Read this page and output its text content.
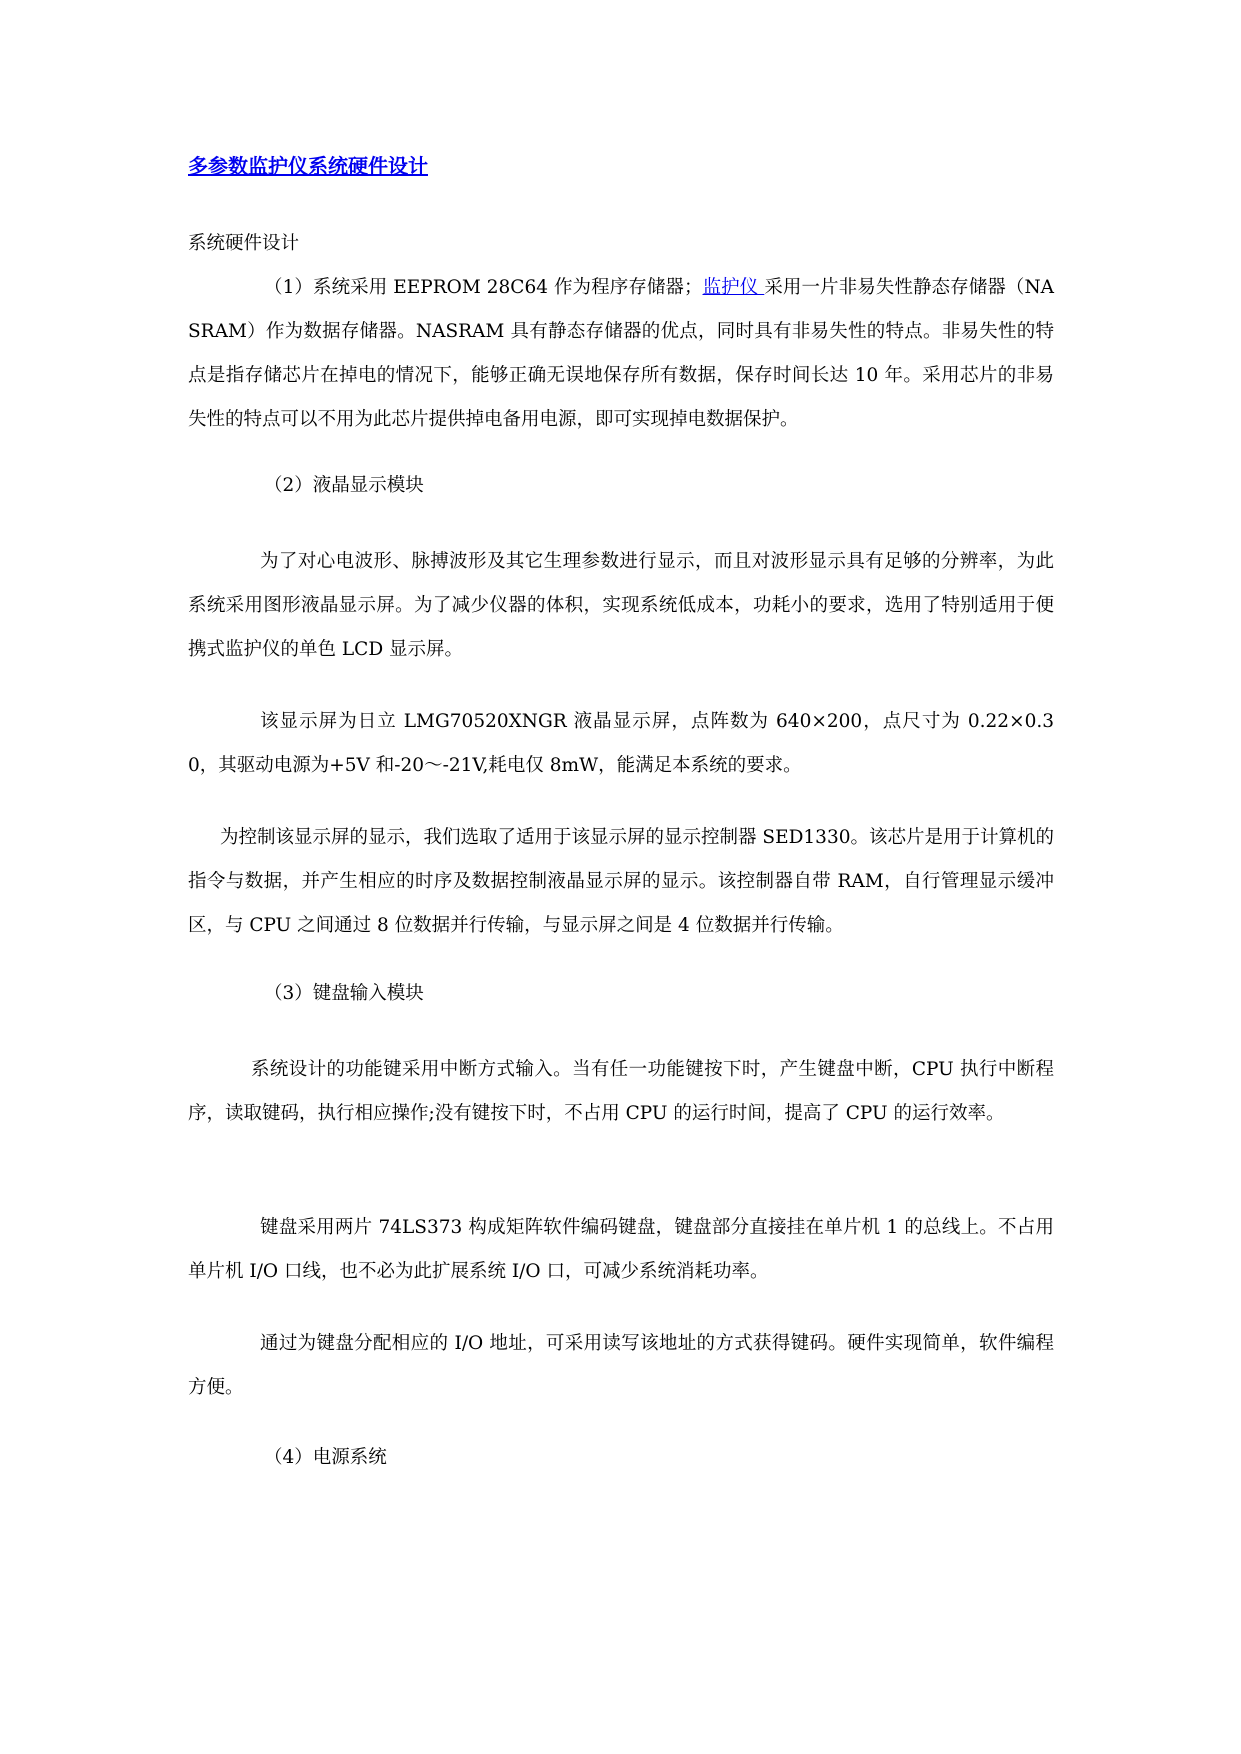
多参数监护仪系统硬件设计

系统硬件设计

（1）系统采用 EEPROM 28C64 作为程序存储器；监护仪 采用一片非易失性静态存储器（NASRAM）作为数据存储器。NASRAM 具有静态存储器的优点，同时具有非易失性的特点。非易失性的特点是指存储芯片在掉电的情况下，能够正确无误地保存所有数据，保存时间长达 10 年。采用芯片的非易失性的特点可以不用为此芯片提供掉电备用电源，即可实现掉电数据保护。

（2）液晶显示模块

为了对心电波形、脉搏波形及其它生理参数进行显示，而且对波形显示具有足够的分辨率，为此系统采用图形液晶显示屏。为了减少仪器的体积，实现系统低成本，功耗小的要求，选用了特别适用于便携式监护仪的单色 LCD 显示屏。

该显示屏为日立 LMG70520XNGR 液晶显示屏，点阵数为 640×200，点尺寸为 0.22×0.30，其驱动电源为+5V 和-20～-21V,耗电仅 8mW，能满足本系统的要求。

为控制该显示屏的显示，我们选取了适用于该显示屏的显示控制器 SED1330。该芯片是用于计算机的指令与数据，并产生相应的时序及数据控制液晶显示屏的显示。该控制器自带 RAM，自行管理显示缓冲区，与 CPU 之间通过 8 位数据并行传输，与显示屏之间是 4 位数据并行传输。

（3）键盘输入模块

系统设计的功能键采用中断方式输入。当有任一功能键按下时，产生键盘中断，CPU 执行中断程序，读取键码，执行相应操作;没有键按下时，不占用 CPU 的运行时间，提高了 CPU 的运行效率。

键盘采用两片 74LS373 构成矩阵软件编码键盘，键盘部分直接挂在单片机 1 的总线上。不占用单片机 I/O 口线，也不必为此扩展系统 I/O 口，可减少系统消耗功率。

通过为键盘分配相应的 I/O 地址，可采用读写该地址的方式获得键码。硬件实现简单，软件编程方便。

（4）电源系统
